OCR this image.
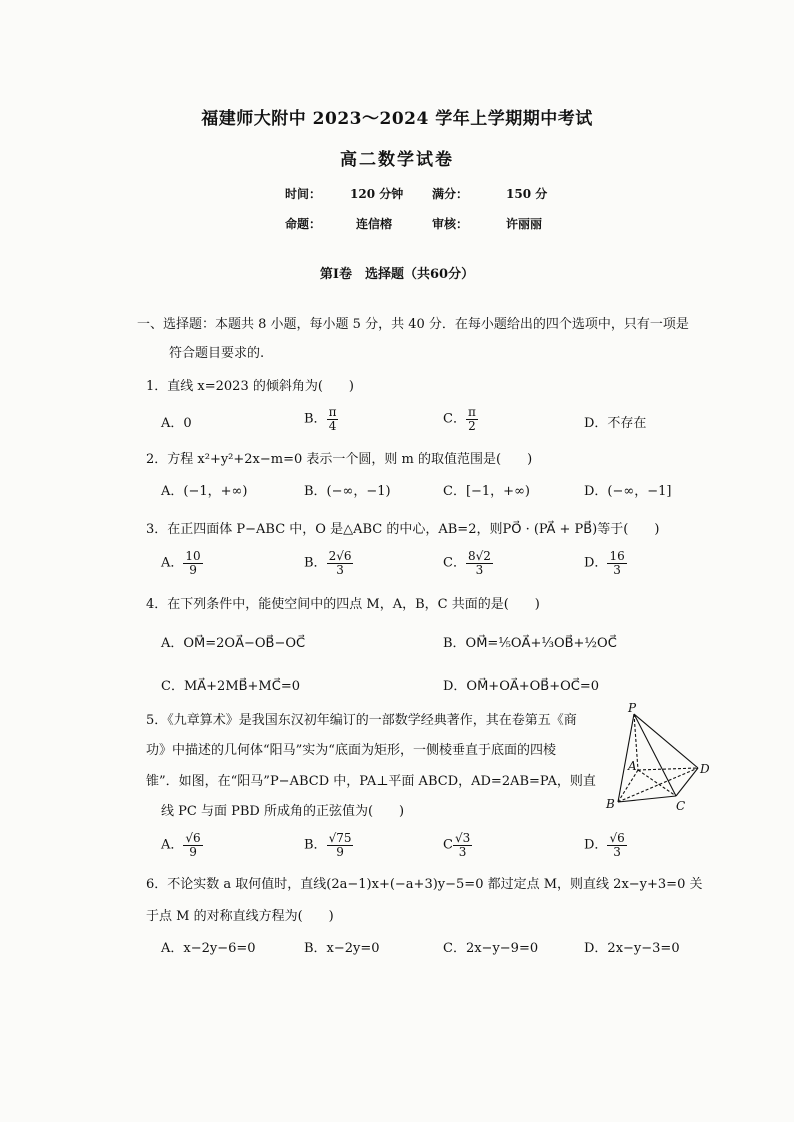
福建师大附中 2023～2024 学年上学期期中考试
高二数学试卷
时间： 120 分钟 满分：	150 分
命题：	连信榕	审核：	许丽丽
第Ⅰ卷　选择题（共60分）
一、选择题：本题共 8 小题，每小题 5 分，共 40 分．在每小题给出的四个选项中，只有一项是
符合题目要求的.
1．直线 x=2023 的倾斜角为(　　)
A．0	B． $\frac{\pi}{4}$	C． $\frac{\pi}{2}$	D．不存在
2．方程 x²+y²+2x−m=0 表示一个圆，则 m 的取值范围是(　　)
A．(−1，+∞)	B．(−∞，−1)	C．[−1，+∞)	D．(−∞，−1]
3．在正四面体 P−ABC 中，O 是△ABC 的中心，AB=2，则PO⃗ · (PA⃗ + PB⃗)等于(　　)
A． $\frac{10}{9}$	B． $\frac{2√6}{3}$	C． $\frac{8√2}{3}$	D． $\frac{16}{3}$
4．在下列条件中，能使空间中的四点 M，A，B，C 共面的是(　　)
A．OM⃗=2OA⃗−OB⃗−OC⃗	B．OM⃗=⅕OA⃗+⅓OB⃗+½OC⃗
C．MA⃗+2MB⃗+MC⃗=0	D．OM⃗+OA⃗+OB⃗+OC⃗=0
5．《九章算术》是我国东汉初年编订的一部数学经典著作，其在卷第五《商
功》中描述的几何体“阳马”实为“底面为矩形，一侧棱垂直于底面的四棱
锥”．如图，在“阳马”P−ABCD 中，PA⊥平面 ABCD，AD=2AB=PA，则直
线 PC 与面 PBD 所成角的正弦值为(　　)
A． $\frac{√6}{9}$	B． $\frac{√75}{9}$	C $\frac{√3}{3}$	D． $\frac{√6}{3}$
P
A
B	C
D
6．不论实数 a 取何值时，直线(2a−1)x+(−a+3)y−5=0 都过定点 M，则直线 2x−y+3=0 关
于点 M 的对称直线方程为(　　)
A．x−2y−6=0	B．x−2y=0	C．2x−y−9=0	D．2x−y−3=0
